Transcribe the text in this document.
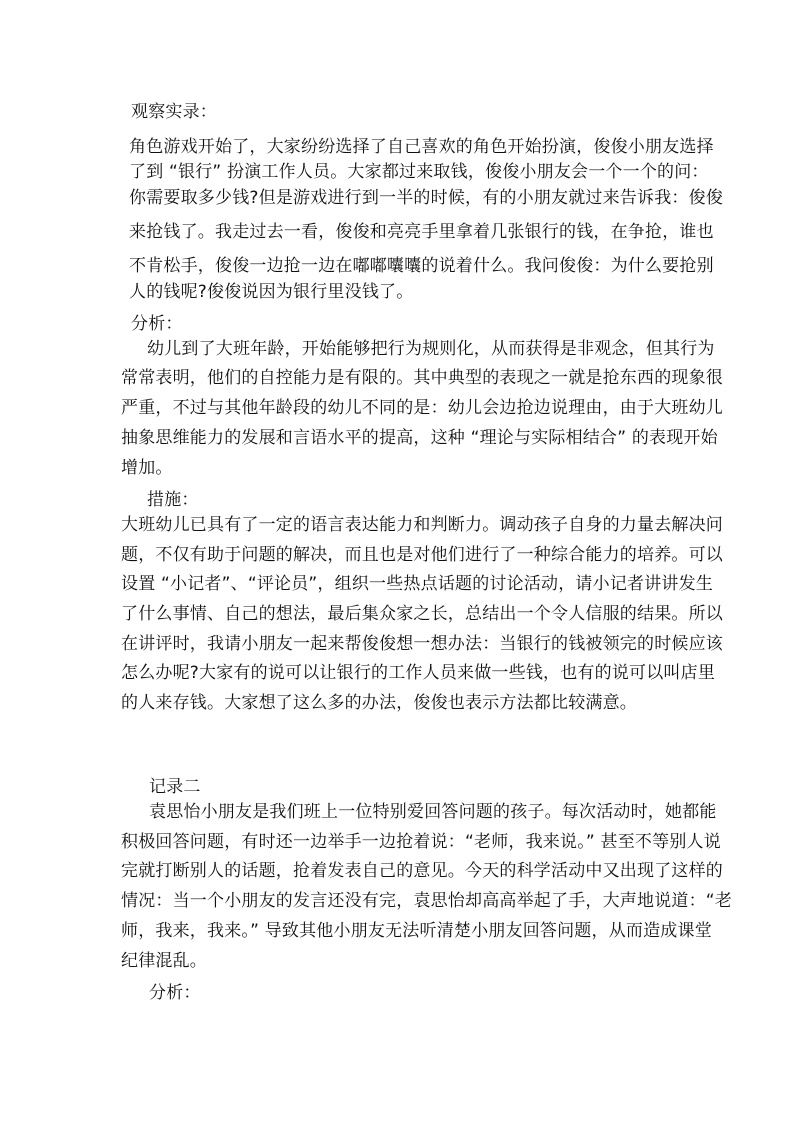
观察实录：
角色游戏开始了，大家纷纷选择了自己喜欢的角色开始扮演，俊俊小朋友选择
了到 “银行” 扮演工作人员。大家都过来取钱，俊俊小朋友会一个一个的问：
你需要取多少钱?但是游戏进行到一半的时候，有的小朋友就过来告诉我：俊俊
来抢钱了。我走过去一看，俊俊和亮亮手里拿着几张银行的钱，在争抢，谁也
不肯松手，俊俊一边抢一边在嘟嘟囔囔的说着什么。我问俊俊：为什么要抢别
人的钱呢?俊俊说因为银行里没钱了。
分析：
幼儿到了大班年龄，开始能够把行为规则化，从而获得是非观念，但其行为
常常表明，他们的自控能力是有限的。其中典型的表现之一就是抢东西的现象很
严重，不过与其他年龄段的幼儿不同的是：幼儿会边抢边说理由，由于大班幼儿
抽象思维能力的发展和言语水平的提高，这种 “理论与实际相结合” 的表现开始
增加。
措施：
大班幼儿已具有了一定的语言表达能力和判断力。调动孩子自身的力量去解决问
题，不仅有助于问题的解决，而且也是对他们进行了一种综合能力的培养。可以
设置 “小记者”、“评论员”，组织一些热点话题的讨论活动，请小记者讲讲发生
了什么事情、自己的想法，最后集众家之长，总结出一个令人信服的结果。所以
在讲评时，我请小朋友一起来帮俊俊想一想办法：当银行的钱被领完的时候应该
怎么办呢?大家有的说可以让银行的工作人员来做一些钱，也有的说可以叫店里
的人来存钱。大家想了这么多的办法，俊俊也表示方法都比较满意。
记录二
袁思怡小朋友是我们班上一位特别爱回答问题的孩子。每次活动时，她都能
积极回答问题，有时还一边举手一边抢着说：“老师，我来说。” 甚至不等别人说
完就打断别人的话题，抢着发表自己的意见。今天的科学活动中又出现了这样的
情况：当一个小朋友的发言还没有完，袁思怡却高高举起了手，大声地说道：“老
师，我来，我来。” 导致其他小朋友无法听清楚小朋友回答问题，从而造成课堂
纪律混乱。
分析：
